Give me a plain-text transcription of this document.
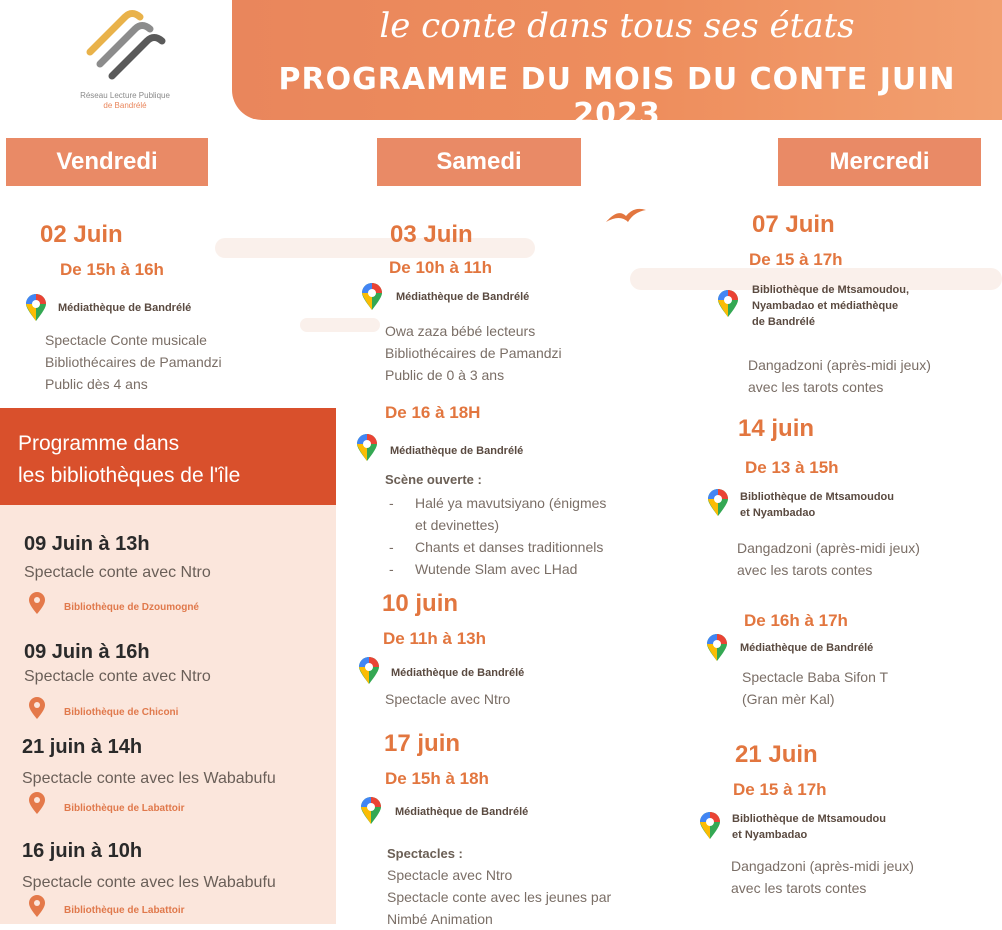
Réseau Lecture Publique
de Bandrélé
le conte dans tous ses états
PROGRAMME DU MOIS DU CONTE JUIN 2023
Vendredi	Samedi	Mercredi
02 Juin
De 15h à 16h
Médiathèque de Bandrélé
Spectacle Conte musicale
Bibliothécaires de Pamandzi
Public dès 4 ans
Programme dans
les bibliothèques de l'île
09 Juin à 13h
Spectacle conte avec Ntro
Bibliothèque de Dzoumogné
09 Juin à 16h
Spectacle conte avec Ntro
Bibliothèque de Chiconi
21 juin à 14h
Spectacle conte avec les Wababufu
Bibliothèque de Labattoir
16 juin à 10h
Spectacle conte avec les Wababufu
Bibliothèque de Labattoir
03 Juin
De 10h à 11h
Médiathèque de Bandrélé
Owa zaza bébé lecteurs
Bibliothécaires de Pamandzi
Public de 0 à 3 ans
De 16 à 18H
Médiathèque de Bandrélé
Scène ouverte :
- Halé ya mavutsiyano (énigmes
et devinettes)
- Chants et danses traditionnels
- Wutende Slam avec LHad
10 juin
De 11h à 13h
Médiathèque de Bandrélé
Spectacle avec Ntro
17 juin
De 15h à 18h
Médiathèque de Bandrélé
Spectacles :
Spectacle avec Ntro
Spectacle conte avec les jeunes par
Nimbé Animation
07 Juin
De 15 à 17h
Bibliothèque de Mtsamoudou,
Nyambadao et médiathèque
de Bandrélé
Dangadzoni (après-midi jeux)
avec les tarots contes
14 juin
De 13 à 15h
Bibliothèque de Mtsamoudou
et Nyambadao
Dangadzoni (après-midi jeux)
avec les tarots contes
De 16h à 17h
Médiathèque de Bandrélé
Spectacle Baba Sifon T
(Gran mèr Kal)
21 Juin
De 15 à 17h
Bibliothèque de Mtsamoudou
et Nyambadao
Dangadzoni (après-midi jeux)
avec les tarots contes
